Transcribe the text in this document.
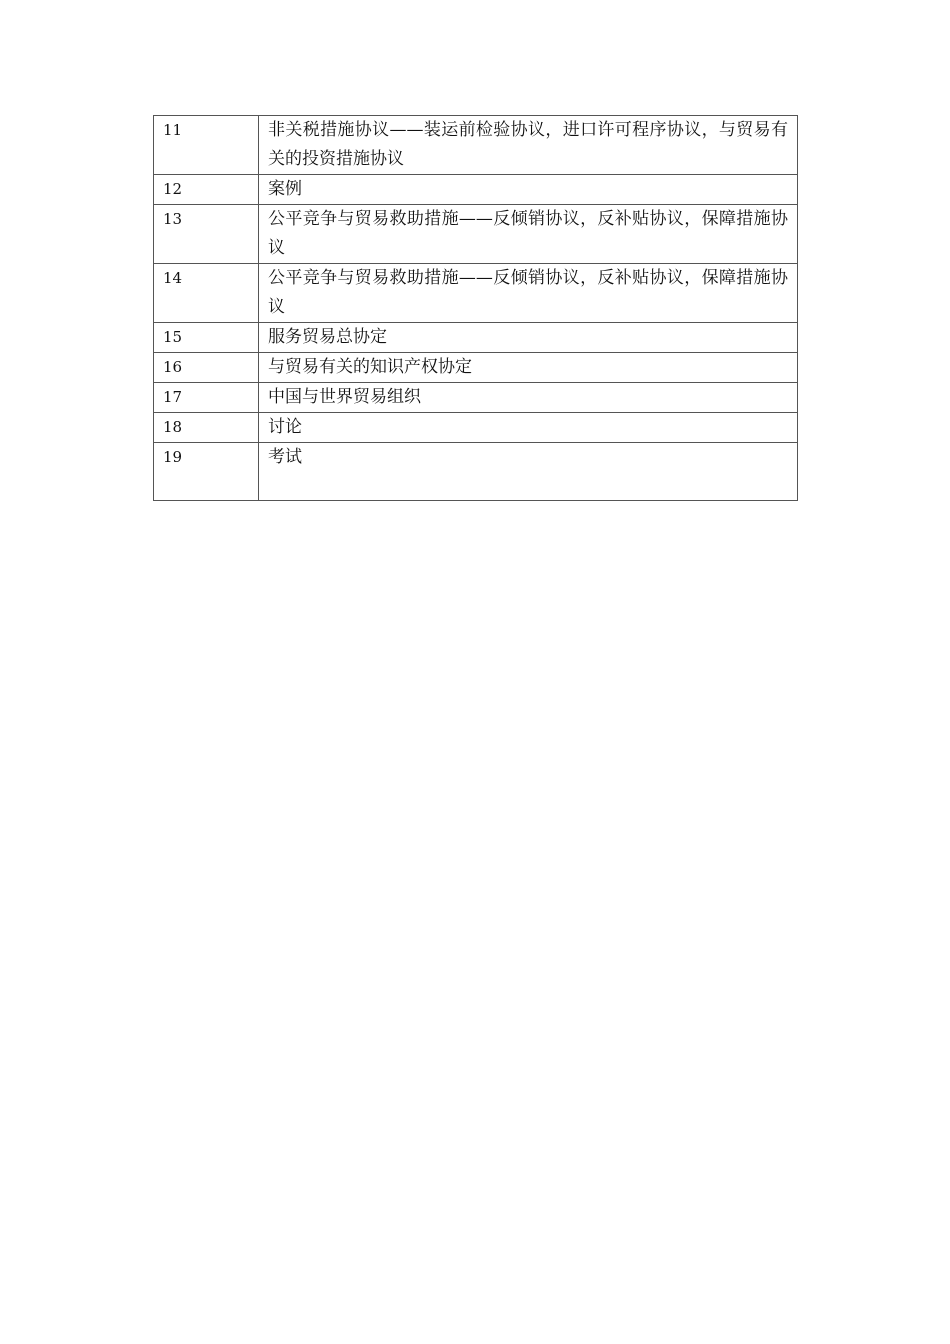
11	非关税措施协议——装运前检验协议，进口许可程序协议，与贸易有关的投资措施协议
12	案例
13	公平竞争与贸易救助措施——反倾销协议，反补贴协议，保障措施协议
14	公平竞争与贸易救助措施——反倾销协议，反补贴协议，保障措施协议
15	服务贸易总协定
16	与贸易有关的知识产权协定
17	中国与世界贸易组织
18	讨论
19	考试
